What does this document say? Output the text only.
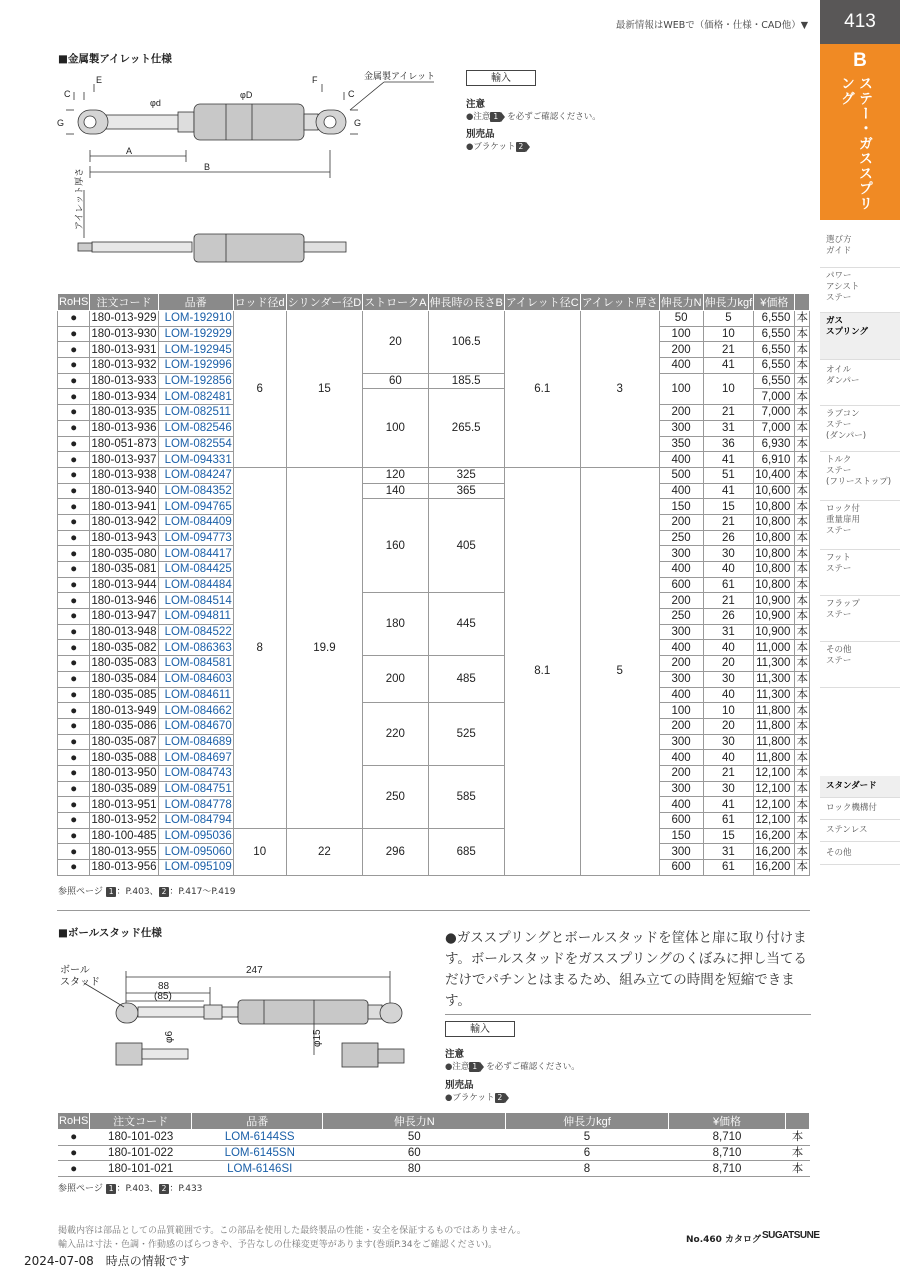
最新情報はWEBで（価格・仕様・CAD他）▼	413
B
ステー・ガススプリング
選び方
ガイド
パワー
アシスト
ステー
ガス
スプリング
オイル
ダンパー
ラブコン
ステー
(ダンパー)
トルク
ステー
(フリーストップ)
ロック付
重量扉用
ステー
フット
ステー
フラップ
ステー
その他
ステー
スタンダード
ロック機構付
ステンレス
その他
■金属製アイレット仕様
C
E	F
C
G	G
φd
φD
金属製アイレット
A
B
アイレット厚さ
輸入
注意
●注意 1 を必ずご確認ください。
別売品
●ブラケット 2
RoHS	注文コード	品番	ロッド径d	シリンダー径D	ストロークA	伸長時の長さB	アイレット径C	アイレット厚さ	伸長力N	伸長力kgf	¥価格	
●	180-013-929	LOM-192910	6	15	20	106.5	6.1	3	50	5	6,550	本
●	180-013-930	LOM-192929							100	10	6,550	本
●	180-013-931	LOM-192945							200	21	6,550	本
●	180-013-932	LOM-192996							400	41	6,550	本
●	180-013-933	LOM-192856			60	185.5			100	10	6,550	本
●	180-013-934	LOM-082481			100	265.5					7,000	本
●	180-013-935	LOM-082511							200	21	7,000	本
●	180-013-936	LOM-082546							300	31	7,000	本
●	180-051-873	LOM-082554							350	36	6,930	本
●	180-013-937	LOM-094331							400	41	6,910	本
●	180-013-938	LOM-084247	8	19.9	120	325	8.1	5	500	51	10,400	本
●	180-013-940	LOM-084352			140	365			400	41	10,600	本
●	180-013-941	LOM-094765			160	405			150	15	10,800	本
●	180-013-942	LOM-084409							200	21	10,800	本
●	180-013-943	LOM-094773							250	26	10,800	本
●	180-035-080	LOM-084417							300	30	10,800	本
●	180-035-081	LOM-084425							400	40	10,800	本
●	180-013-944	LOM-084484							600	61	10,800	本
●	180-013-946	LOM-084514			180	445			200	21	10,900	本
●	180-013-947	LOM-094811							250	26	10,900	本
●	180-013-948	LOM-084522							300	31	10,900	本
●	180-035-082	LOM-086363							400	40	11,000	本
●	180-035-083	LOM-084581			200	485			200	20	11,300	本
●	180-035-084	LOM-084603							300	30	11,300	本
●	180-035-085	LOM-084611							400	40	11,300	本
●	180-013-949	LOM-084662			220	525			100	10	11,800	本
●	180-035-086	LOM-084670							200	20	11,800	本
●	180-035-087	LOM-084689							300	30	11,800	本
●	180-035-088	LOM-084697							400	40	11,800	本
●	180-013-950	LOM-084743			250	585			200	21	12,100	本
●	180-035-089	LOM-084751							300	30	12,100	本
●	180-013-951	LOM-084778							400	41	12,100	本
●	180-013-952	LOM-084794							600	61	12,100	本
●	180-100-485	LOM-095036	10	22	296	685			150	15	16,200	本
●	180-013-955	LOM-095060							300	31	16,200	本
●	180-013-956	LOM-095109							600	61	16,200	本
参照ページ 1 ：P.403、 2 ：P.417～P.419
■ボールスタッド仕様
ボール
スタッド
247
88
(85)
φ6	φ15
●ガススプリングとボールスタッドを筐体と扉に取り付けます。ボールスタッドをガススプリングのくぼみに押し当てるだけでパチンとはまるため、組み立ての時間を短縮できます。
輸入
注意
●注意 1 を必ずご確認ください。
別売品
●ブラケット 2
RoHS	注文コード	品番	伸長力N	伸長力kgf	¥価格	
●	180-101-023	LOM-6144SS	50	5	8,710	本
●	180-101-022	LOM-6145SN	60	6	8,710	本
●	180-101-021	LOM-6146SI	80	8	8,710	本
参照ページ 1 ：P.403、 2 ：P.433
掲載内容は部品としての品質範囲です。この部品を使用した最終製品の性能・安全を保証するものではありません。
輸入品は寸法・色調・作動感のばらつきや、予告なしの仕様変更等があります(巻頭P.34をご確認ください)。
2024-07-08　時点の情報です
No.460 カタログ SUGATSUNE
